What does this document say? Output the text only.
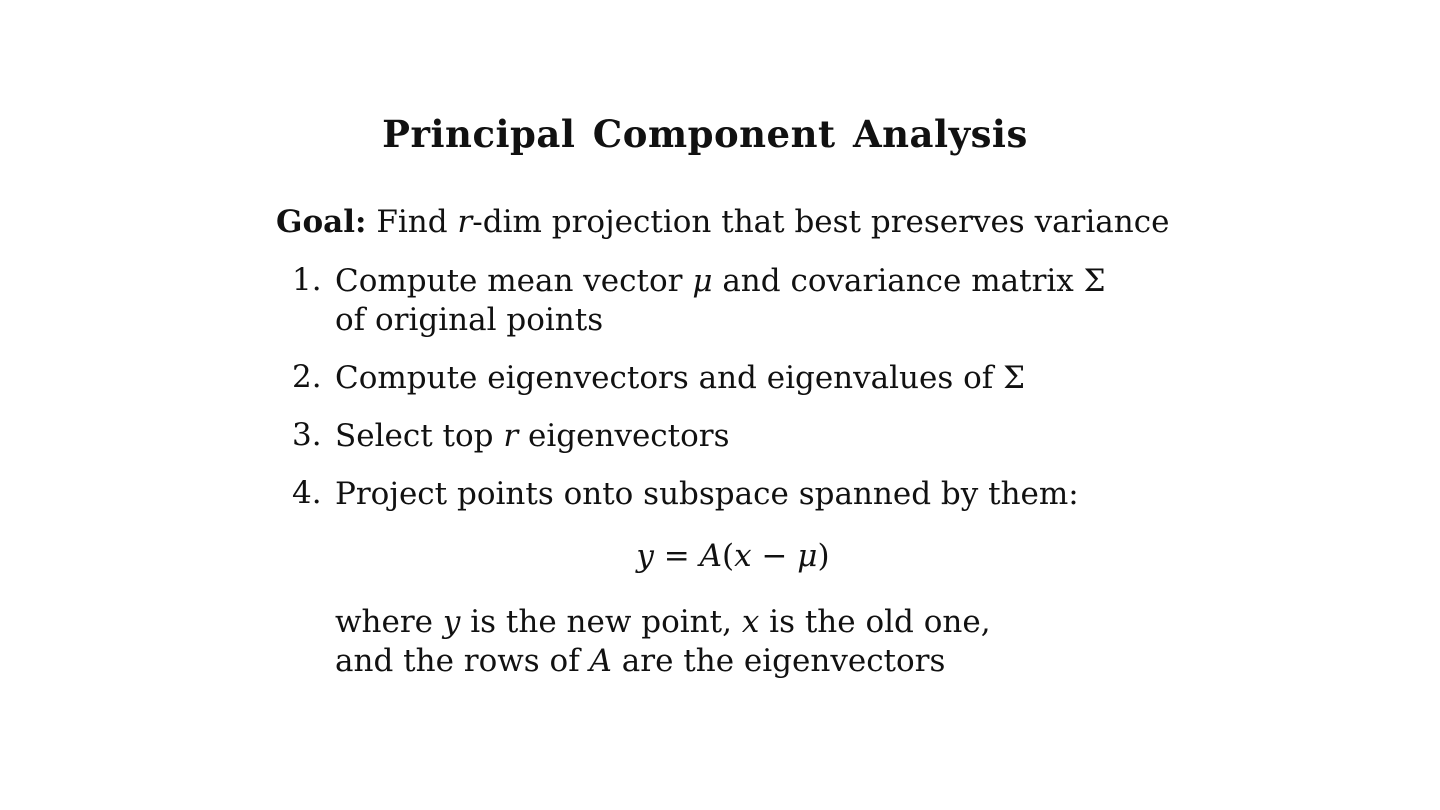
Principal Component Analysis
Goal: Find r-dim projection that best preserves variance
1. Compute mean vector μ and covariance matrix Σ
of original points
2. Compute eigenvectors and eigenvalues of Σ
3. Select top r eigenvectors
4. Project points onto subspace spanned by them:
y = A(x − μ)
where y is the new point, x is the old one,
and the rows of A are the eigenvectors
